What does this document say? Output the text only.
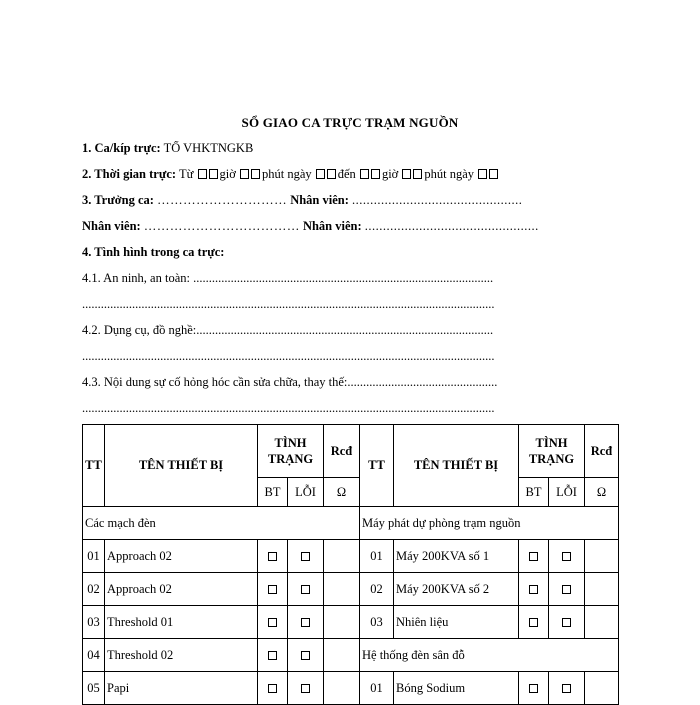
SỔ GIAO CA TRỰC TRẠM NGUỒN
1. Ca/kíp trực: TỔ VHKTNGKB
2. Thời gian trực: Từ giờ phút ngày đến giờ phút ngày
3. Trưởng ca: ………………………… Nhân viên: ...............................................
Nhân viên: ……………………………… Nhân viên: ................................................
4. Tình hình trong ca trực:
4.1. An ninh, an toàn: ................................................................................................
....................................................................................................................................
4.2. Dụng cụ, đồ nghề:...............................................................................................
....................................................................................................................................
4.3. Nội dung sự cố hỏng hóc cần sửa chữa, thay thế:................................................
....................................................................................................................................
TT	TÊN THIẾT BỊ	TÌNH TRẠNG		Rcđ	TT	TÊN THIẾT BỊ	TÌNH TRẠNG		Rcđ
		BT	LỖI	Ω			BT	LỖI	Ω
Các mạch đèn					Máy phát dự phòng trạm nguồn				
01	Approach 02				01	Máy 200KVA số 1			
02	Approach 02				02	Máy 200KVA số 2			
03	Threshold 01				03	Nhiên liệu			
04	Threshold 02				Hệ thống đèn sân đỗ				
05	Papi				01	Bóng Sodium			
